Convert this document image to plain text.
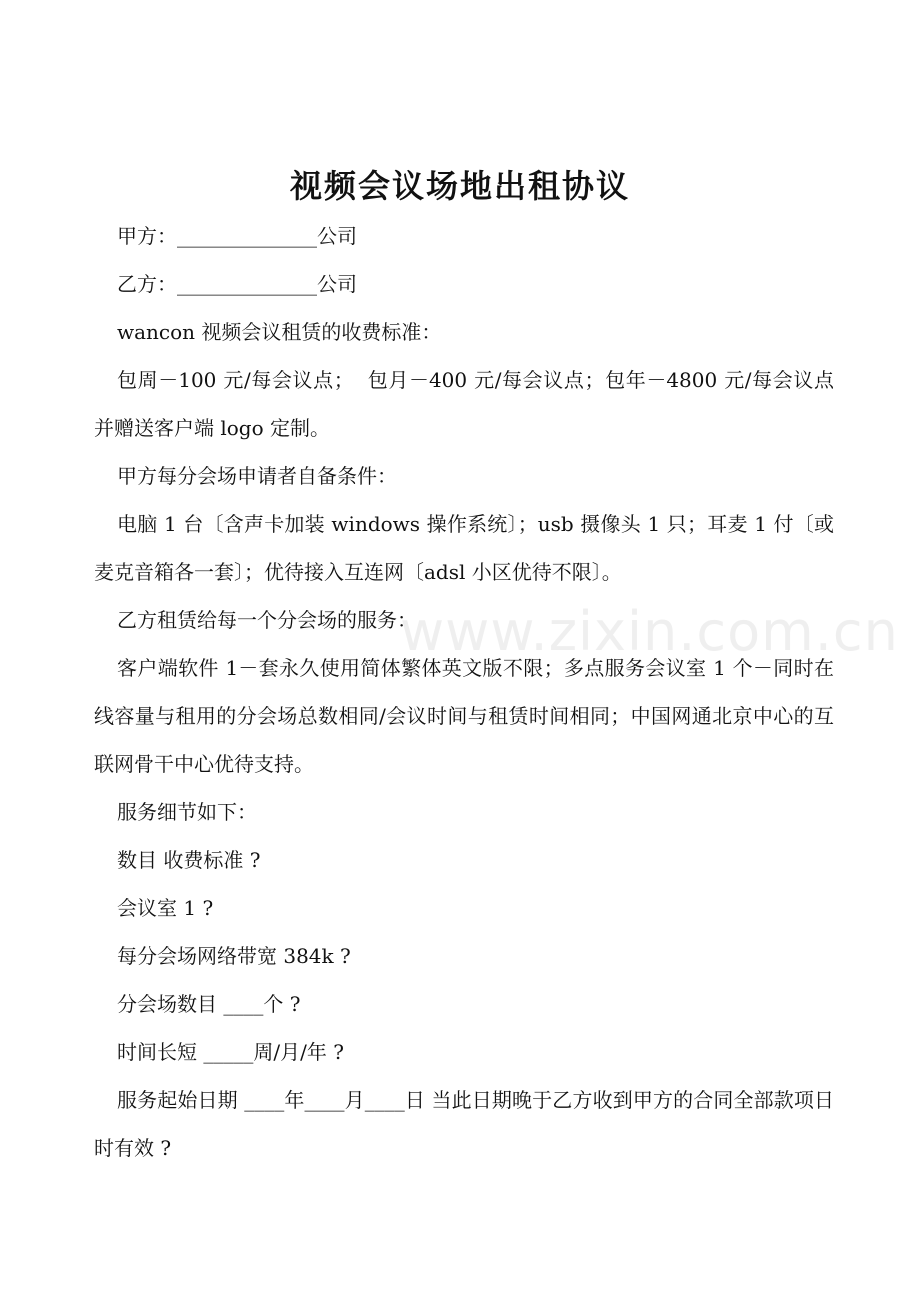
视频会议场地出租协议

甲方：______________公司

乙方：______________公司

wancon 视频会议租赁的收费标准：

包周－100 元/每会议点；  包月－400 元/每会议点；包年－4800 元/每会议点并赠送客户端 logo 定制。

甲方每分会场申请者自备条件：

电脑 1 台〔含声卡加装 windows 操作系统〕；usb 摄像头 1 只；耳麦 1 付〔或麦克音箱各一套〕；优待接入互连网〔adsl 小区优待不限〕。

乙方租赁给每一个分会场的服务：

客户端软件 1－套永久使用简体繁体英文版不限；多点服务会议室 1 个－同时在线容量与租用的分会场总数相同/会议时间与租赁时间相同；中国网通北京中心的互联网骨干中心优待支持。

服务细节如下：

数目 收费标准 ?

会议室 1 ?

每分会场网络带宽 384k ?

分会场数目 ____个 ?

时间长短 _____周/月/年 ?

服务起始日期 ____年____月____日 当此日期晚于乙方收到甲方的合同全部款项日时有效 ?

www.zixin.com.cn
